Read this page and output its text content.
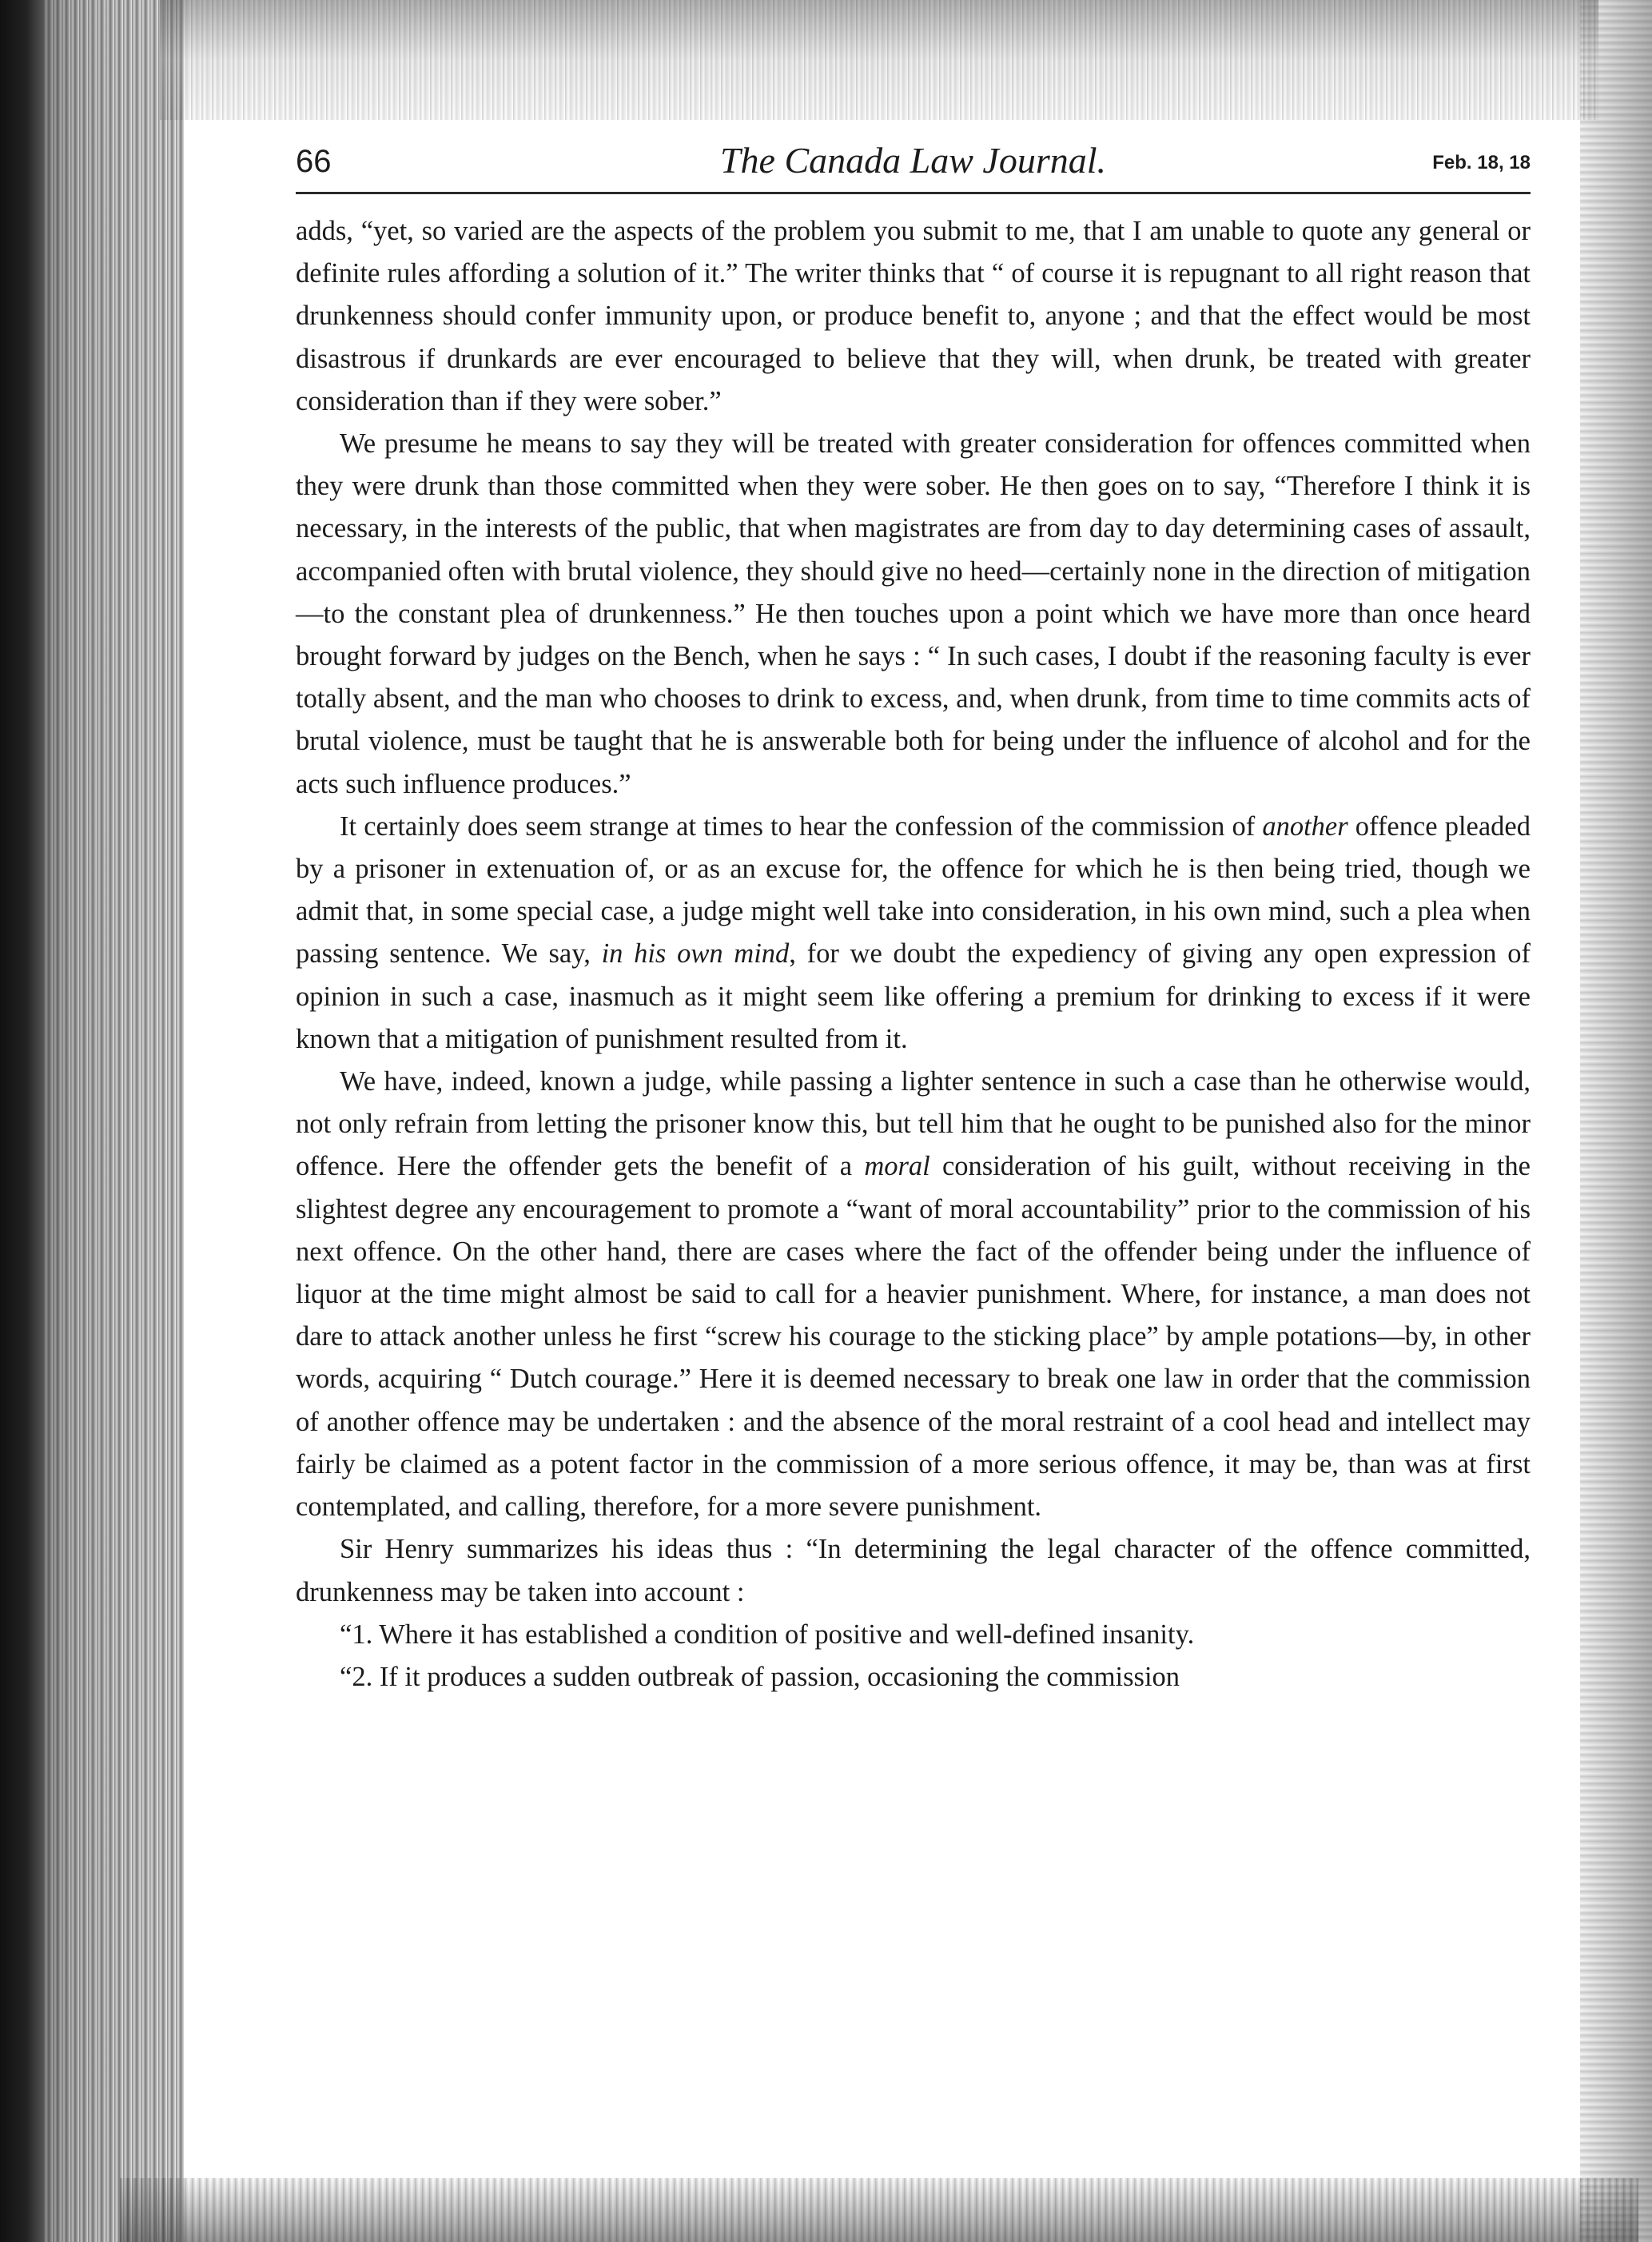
66	The Canada Law Journal.	Feb. 18, 18

adds, “yet, so varied are the aspects of the problem you submit to me, that I am unable to quote any general or definite rules affording a solution of it.” The writer thinks that “ of course it is repugnant to all right reason that drunkenness should confer immunity upon, or produce benefit to, anyone ; and that the effect would be most disastrous if drunkards are ever encouraged to believe that they will, when drunk, be treated with greater consideration than if they were sober.”

We presume he means to say they will be treated with greater consideration for offences committed when they were drunk than those committed when they were sober. He then goes on to say, “Therefore I think it is necessary, in the interests of the public, that when magistrates are from day to day determining cases of assault, accompanied often with brutal violence, they should give no heed—certainly none in the direction of mitigation—to the constant plea of drunkenness.” He then touches upon a point which we have more than once heard brought forward by judges on the Bench, when he says : “ In such cases, I doubt if the reasoning faculty is ever totally absent, and the man who chooses to drink to excess, and, when drunk, from time to time commits acts of brutal violence, must be taught that he is answerable both for being under the influence of alcohol and for the acts such influence produces.”

It certainly does seem strange at times to hear the confession of the commission of another offence pleaded by a prisoner in extenuation of, or as an excuse for, the offence for which he is then being tried, though we admit that, in some special case, a judge might well take into consideration, in his own mind, such a plea when passing sentence. We say, in his own mind, for we doubt the expediency of giving any open expression of opinion in such a case, inasmuch as it might seem like offering a premium for drinking to excess if it were known that a mitigation of punishment resulted from it.

We have, indeed, known a judge, while passing a lighter sentence in such a case than he otherwise would, not only refrain from letting the prisoner know this, but tell him that he ought to be punished also for the minor offence. Here the offender gets the benefit of a moral consideration of his guilt, without receiving in the slightest degree any encouragement to promote a “want of moral accountability” prior to the commission of his next offence. On the other hand, there are cases where the fact of the offender being under the influence of liquor at the time might almost be said to call for a heavier punishment. Where, for instance, a man does not dare to attack another unless he first “screw his courage to the sticking place” by ample potations—by, in other words, acquiring “ Dutch courage.” Here it is deemed necessary to break one law in order that the commission of another offence may be undertaken : and the absence of the moral restraint of a cool head and intellect may fairly be claimed as a potent factor in the commission of a more serious offence, it may be, than was at first contemplated, and calling, therefore, for a more severe punishment.

Sir Henry summarizes his ideas thus : “In determining the legal character of the offence committed, drunkenness may be taken into account :

“1. Where it has established a condition of positive and well-defined insanity.

“2. If it produces a sudden outbreak of passion, occasioning the commission
